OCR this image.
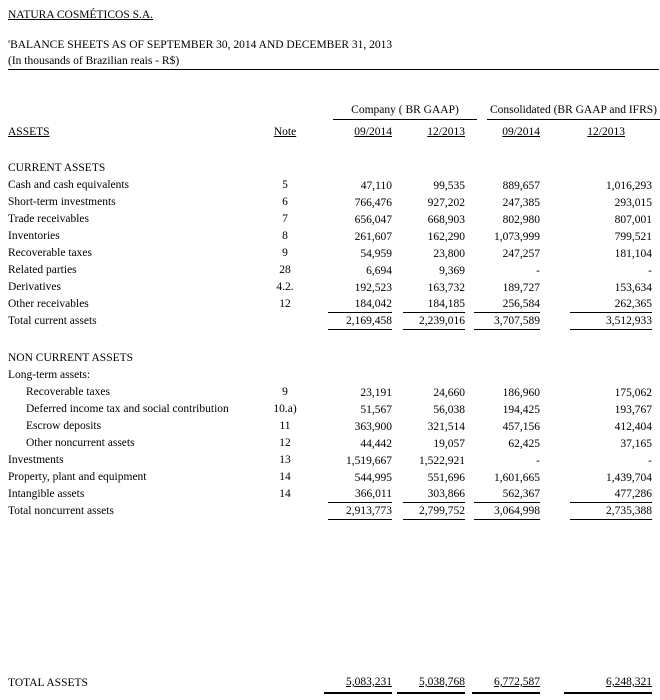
NATURA COSMÉTICOS S.A.
'BALANCE SHEETS AS OF SEPTEMBER 30, 2014 AND DECEMBER 31, 2013
(In thousands of Brazilian reais - R$)
Company ( BR GAAP)	Consolidated (BR GAAP and IFRS)
ASSETS	Note	09/2014	12/2013	09/2014	12/2013
CURRENT ASSETS
Cash and cash equivalents	5	47,110	99,535	889,657	1,016,293
Short-term investments	6	766,476	927,202	247,385	293,015
Trade receivables	7	656,047	668,903	802,980	807,001
Inventories	8	261,607	162,290	1,073,999	799,521
Recoverable taxes	9	54,959	23,800	247,257	181,104
Related parties	28	6,694	9,369	-	-
Derivatives	4.2.	192,523	163,732	189,727	153,634
Other receivables	12	184,042	184,185	256,584	262,365
Total current assets	2,169,458	2,239,016	3,707,589	3,512,933
NON CURRENT ASSETS
Long-term assets:
Recoverable taxes	9	23,191	24,660	186,960	175,062
Deferred income tax and social contribution	10.a)	51,567	56,038	194,425	193,767
Escrow deposits	11	363,900	321,514	457,156	412,404
Other noncurrent assets	12	44,442	19,057	62,425	37,165
Investments	13	1,519,667	1,522,921	-	-
Property, plant and equipment	14	544,995	551,696	1,601,665	1,439,704
Intangible assets	14	366,011	303,866	562,367	477,286
Total noncurrent assets	2,913,773	2,799,752	3,064,998	2,735,388
TOTAL ASSETS	5,083,231	5,038,768	6,772,587	6,248,321
